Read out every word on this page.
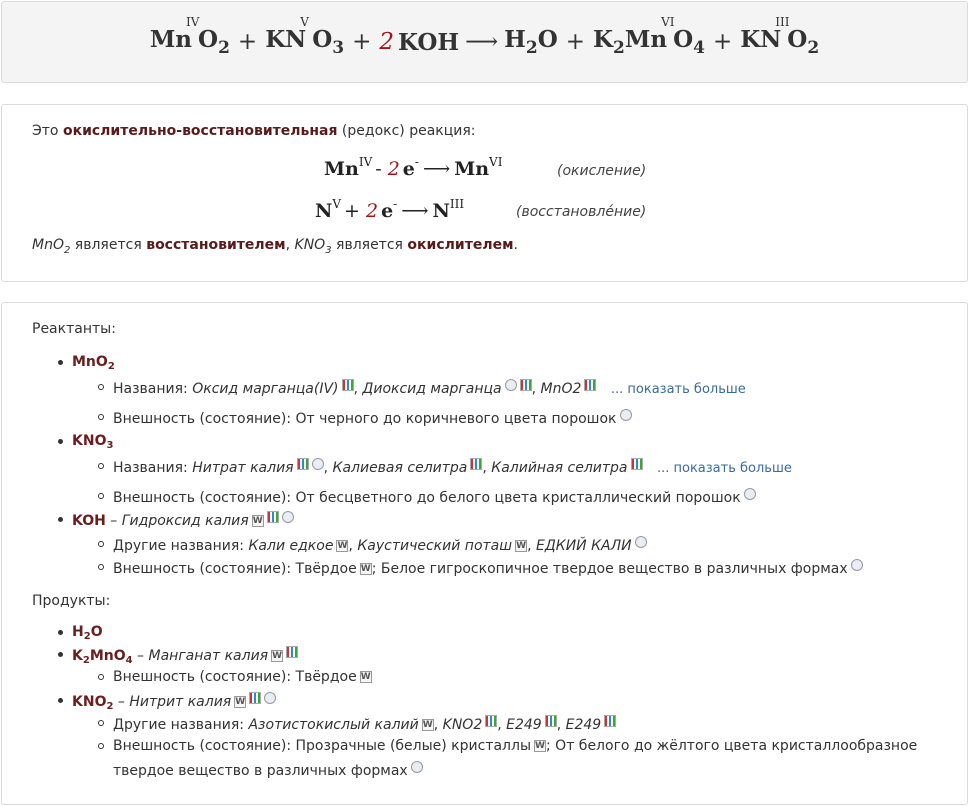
Mn
IV
$O_2$ + KN
V
$O_3 + 2$ KOH ⟶ $H_2O + K_2Mn$
VI
$O_4$ + KN
III
$O_2$
Это окислительно-восстановительная (редокс) реакция:
$Mn^{IV} - 2$ e- ⟶ $Mn^{VI}$
(окисление)
$N^V + 2$ e- ⟶ $N^{III}$	(восстановле́ние)
MnO$_2$ является восстановителем, $KNO_3$ является окислителем.
Реактанты:
MnO$_2$
Названия: Оксид марганца(IV) , Диоксид марганца , MnO2 ... показать больше
Внешность (состояние): От черного до коричневого цвета порошок
$KNO_3$
Названия: Нитрат калия , Калиевая селитра , Калийная селитра ... показать больше
Внешность (состояние): От бесцветного до белого цвета кристаллический порошок
KOH – Гидроксид калия W
Другие названия: Кали едкое W, Каустический поташ W, ЕДКИЙ КАЛИ
Внешность (состояние): Твёрдое W; Белое гигроскопичное твердое вещество в различных формах
Продукты:
$H_2O$
$K_2MnO_4$ – Манганат калия W
Внешность (состояние): Твёрдое W
$KNO_2$ – Нитрит калия W
Другие названия: Азотистокислый калий W, KNO2 , E249 , E249
Внешность (состояние): Прозрачные (белые) кристаллы W; От белого до жёлтого цвета кристаллообразное
твердое вещество в различных формах
